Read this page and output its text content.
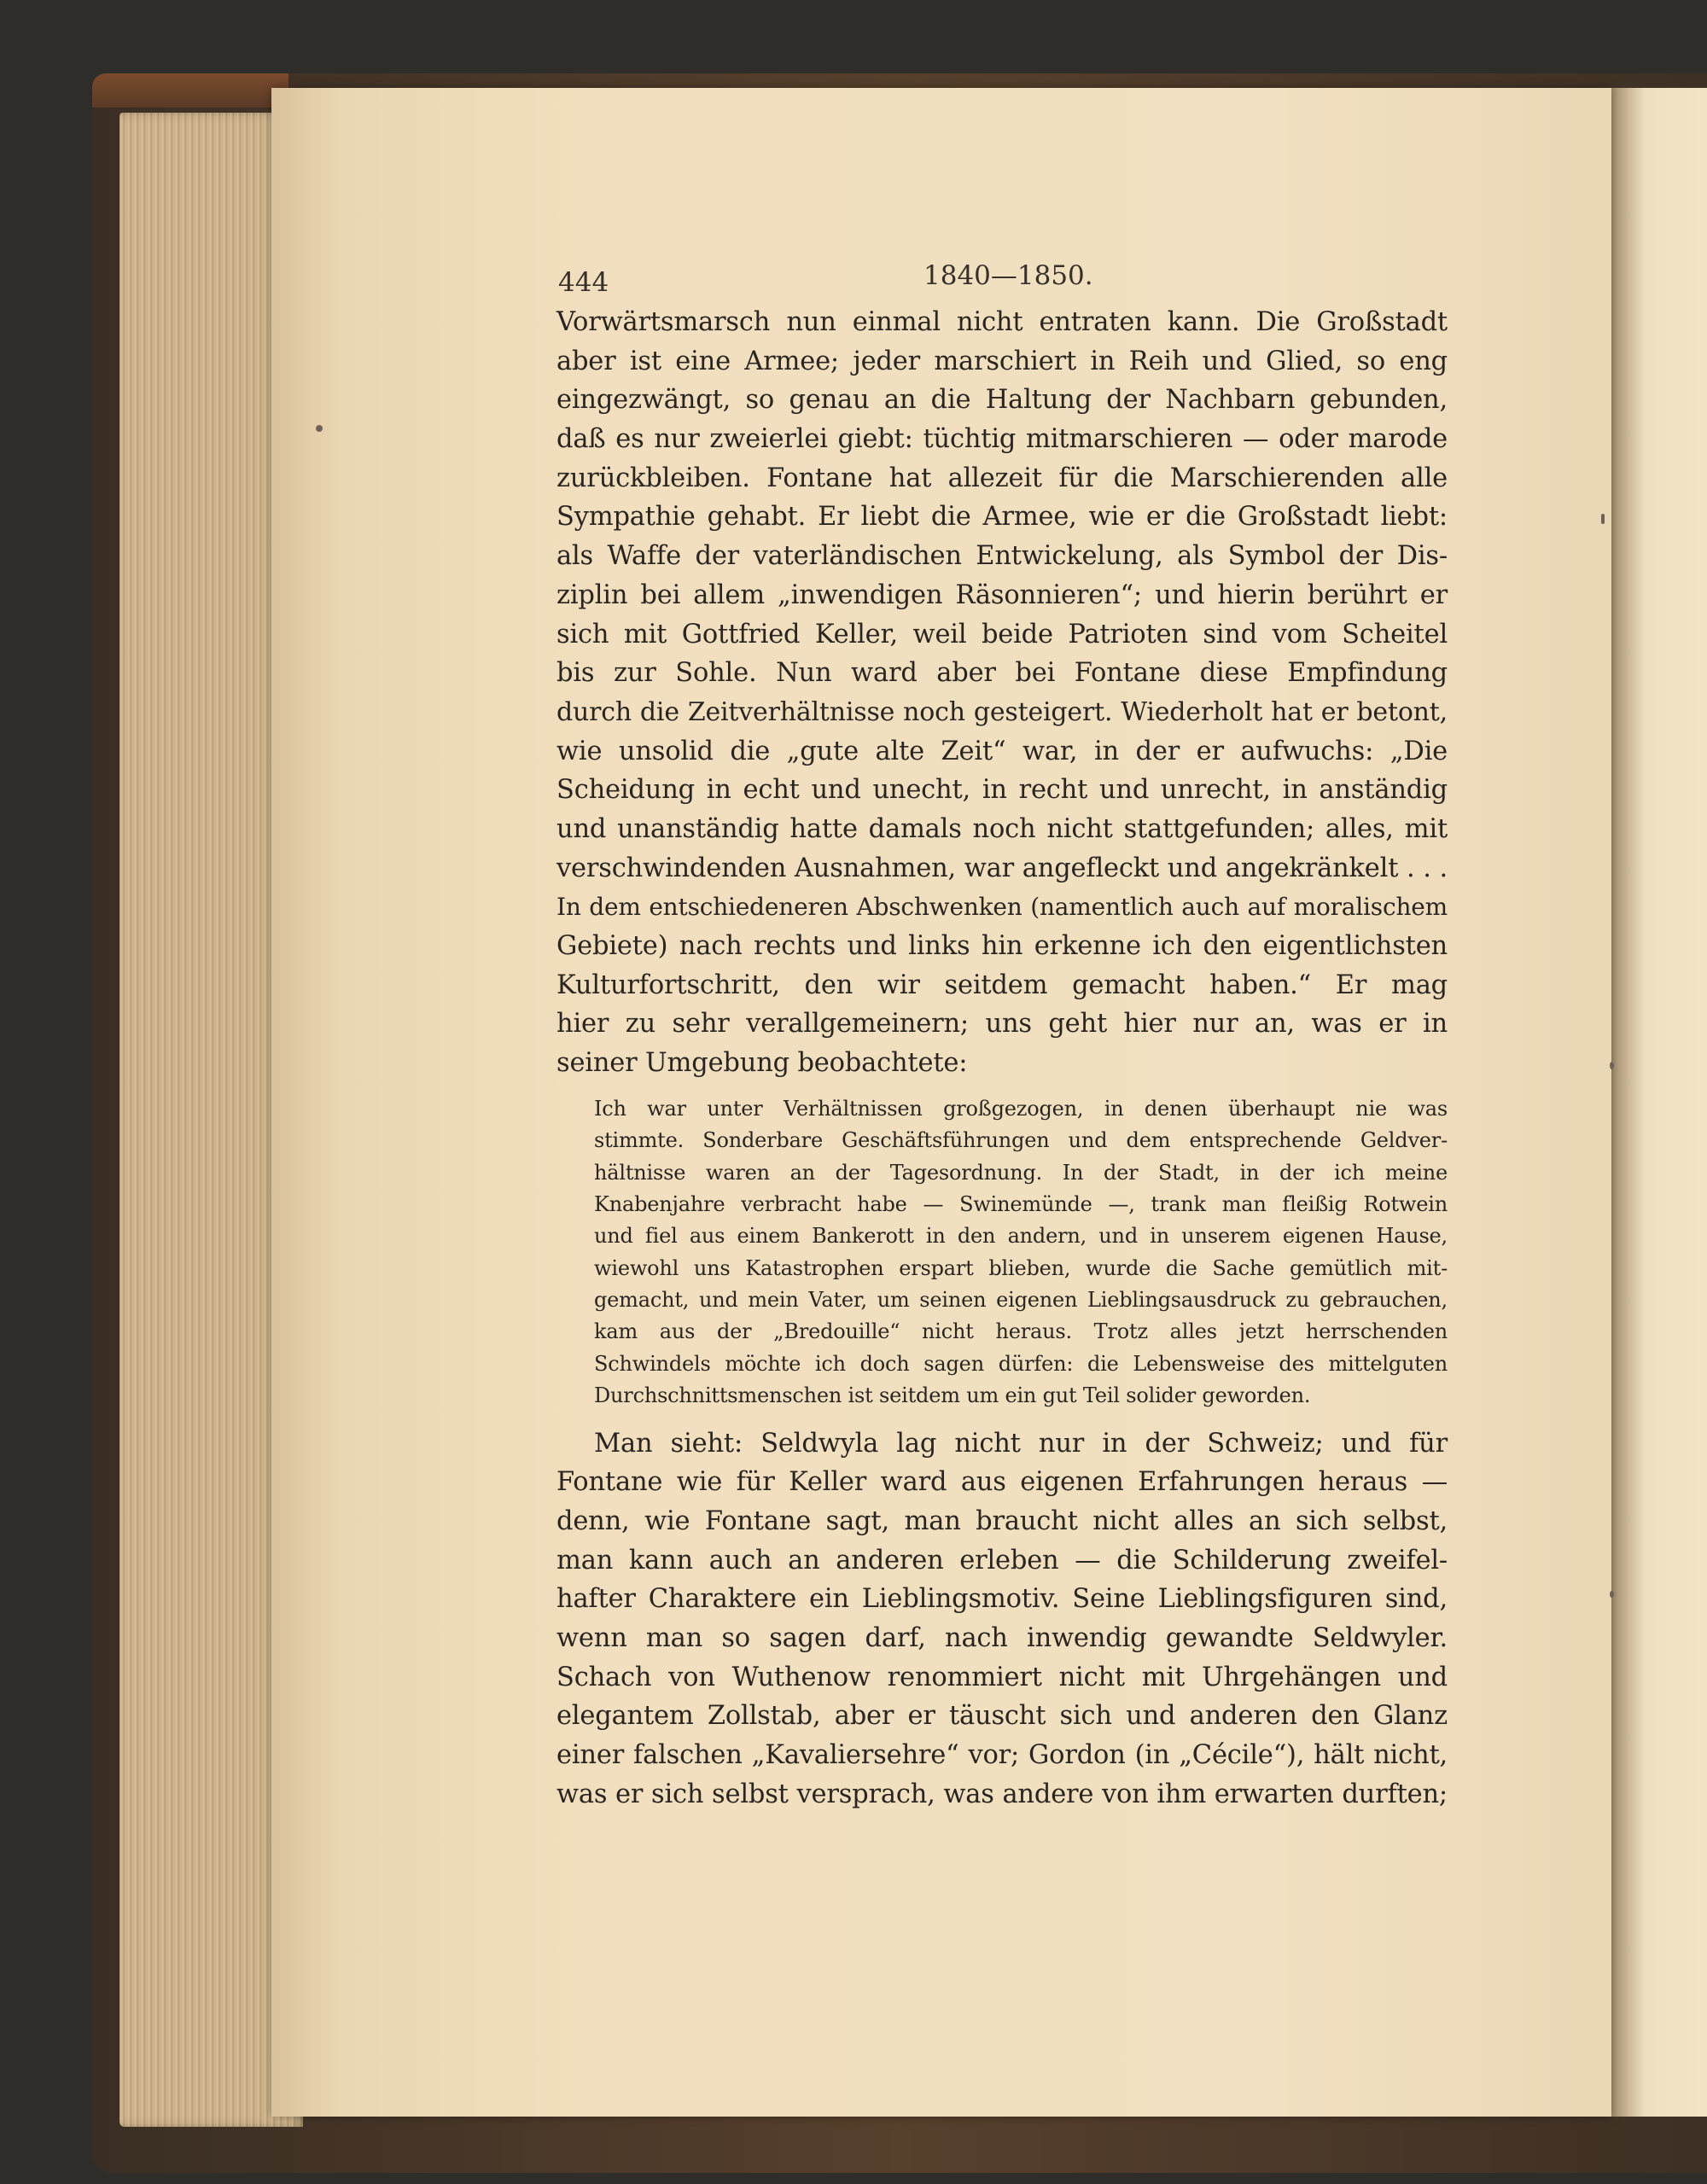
444	1840—1850.
Vorwärtsmarsch nun einmal nicht entraten kann. Die Großstadt
aber ist eine Armee; jeder marschiert in Reih und Glied, so eng
eingezwängt, so genau an die Haltung der Nachbarn gebunden,
daß es nur zweierlei giebt: tüchtig mitmarschieren — oder marode
zurückbleiben. Fontane hat allezeit für die Marschierenden alle
Sympathie gehabt. Er liebt die Armee, wie er die Großstadt liebt:
als Waffe der vaterländischen Entwickelung, als Symbol der Dis-
ziplin bei allem „inwendigen Räsonnieren“; und hierin berührt er
sich mit Gottfried Keller, weil beide Patrioten sind vom Scheitel
bis zur Sohle. Nun ward aber bei Fontane diese Empfindung
durch die Zeitverhältnisse noch gesteigert. Wiederholt hat er betont,
wie unsolid die „gute alte Zeit“ war, in der er aufwuchs: „Die
Scheidung in echt und unecht, in recht und unrecht, in anständig
und unanständig hatte damals noch nicht stattgefunden; alles, mit
verschwindenden Ausnahmen, war angefleckt und angekränkelt . . .
In dem entschiedeneren Abschwenken (namentlich auch auf moralischem
Gebiete) nach rechts und links hin erkenne ich den eigentlichsten
Kulturfortschritt, den wir seitdem gemacht haben.“ Er mag
hier zu sehr verallgemeinern; uns geht hier nur an, was er in
seiner Umgebung beobachtete:
Ich war unter Verhältnissen großgezogen, in denen überhaupt nie was
stimmte. Sonderbare Geschäftsführungen und dem entsprechende Geldver-
hältnisse waren an der Tagesordnung. In der Stadt, in der ich meine
Knabenjahre verbracht habe — Swinemünde —, trank man fleißig Rotwein
und fiel aus einem Bankerott in den andern, und in unserem eigenen Hause,
wiewohl uns Katastrophen erspart blieben, wurde die Sache gemütlich mit-
gemacht, und mein Vater, um seinen eigenen Lieblingsausdruck zu gebrauchen,
kam aus der „Bredouille“ nicht heraus. Trotz alles jetzt herrschenden
Schwindels möchte ich doch sagen dürfen: die Lebensweise des mittelguten
Durchschnittsmenschen ist seitdem um ein gut Teil solider geworden.
Man sieht: Seldwyla lag nicht nur in der Schweiz; und für
Fontane wie für Keller ward aus eigenen Erfahrungen heraus —
denn, wie Fontane sagt, man braucht nicht alles an sich selbst,
man kann auch an anderen erleben — die Schilderung zweifel-
hafter Charaktere ein Lieblingsmotiv. Seine Lieblingsfiguren sind,
wenn man so sagen darf, nach inwendig gewandte Seldwyler.
Schach von Wuthenow renommiert nicht mit Uhrgehängen und
elegantem Zollstab, aber er täuscht sich und anderen den Glanz
einer falschen „Kavaliersehre“ vor; Gordon (in „Cécile“), hält nicht,
was er sich selbst versprach, was andere von ihm erwarten durften;
